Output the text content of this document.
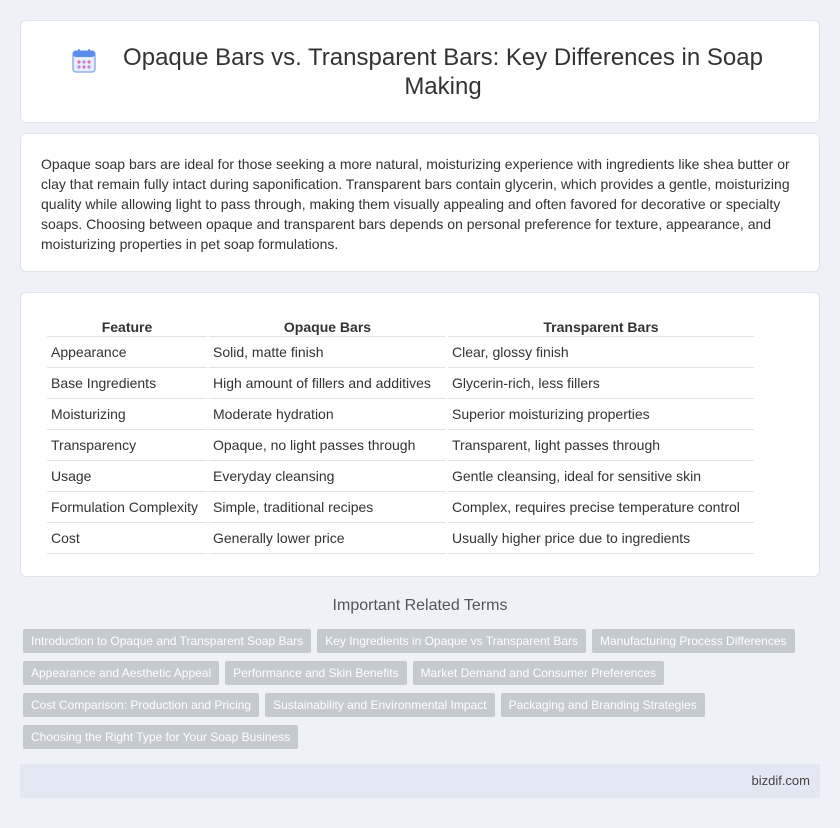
Opaque Bars vs. Transparent Bars: Key Differences in Soap Making

Opaque soap bars are ideal for those seeking a more natural, moisturizing experience with ingredients like shea butter or clay that remain fully intact during saponification. Transparent bars contain glycerin, which provides a gentle, moisturizing quality while allowing light to pass through, making them visually appealing and often favored for decorative or specialty soaps. Choosing between opaque and transparent bars depends on personal preference for texture, appearance, and moisturizing properties in pet soap formulations.

Feature	Opaque Bars	Transparent Bars
Appearance	Solid, matte finish	Clear, glossy finish
Base Ingredients	High amount of fillers and additives	Glycerin-rich, less fillers
Moisturizing	Moderate hydration	Superior moisturizing properties
Transparency	Opaque, no light passes through	Transparent, light passes through
Usage	Everyday cleansing	Gentle cleansing, ideal for sensitive skin
Formulation Complexity	Simple, traditional recipes	Complex, requires precise temperature control
Cost	Generally lower price	Usually higher price due to ingredients
Important Related Terms
Introduction to Opaque and Transparent Soap Bars Key Ingredients in Opaque vs Transparent Bars Manufacturing Process Differences
Appearance and Aesthetic Appeal Performance and Skin Benefits Market Demand and Consumer Preferences
Cost Comparison: Production and Pricing Sustainability and Environmental Impact Packaging and Branding Strategies
Choosing the Right Type for Your Soap Business
bizdif.com
